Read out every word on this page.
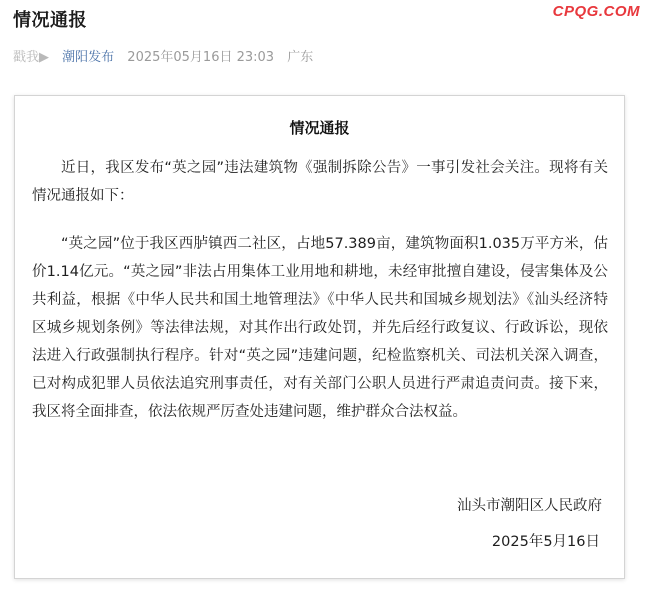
情况通报	CPQG.COM
戳我▶ 潮阳发布 2025年05月16日 23:03 广东
情况通报

近日，我区发布“英之园”违法建筑物《强制拆除公告》一事引发社会关注。现将有关情况通报如下：

“英之园”位于我区西胪镇西二社区，占地57.389亩，建筑物面积1.035万平方米，估价1.14亿元。“英之园”非法占用集体工业用地和耕地，未经审批擅自建设，侵害集体及公共利益，根据《中华人民共和国土地管理法》《中华人民共和国城乡规划法》《汕头经济特区城乡规划条例》等法律法规，对其作出行政处罚，并先后经行政复议、行政诉讼，现依法进入行政强制执行程序。针对“英之园”违建问题，纪检监察机关、司法机关深入调查，已对构成犯罪人员依法追究刑事责任，对有关部门公职人员进行严肃追责问责。接下来，我区将全面排查，依法依规严厉查处违建问题，维护群众合法权益。

汕头市潮阳区人民政府
2025年5月16日
